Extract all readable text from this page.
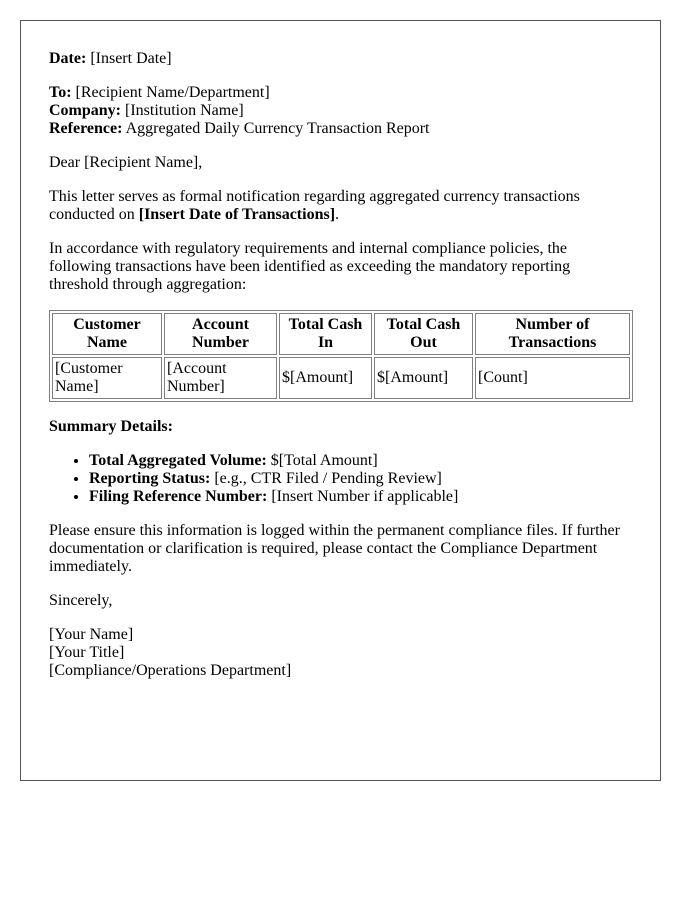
Date: [Insert Date]

To: [Recipient Name/Department]

Company: [Institution Name]

Reference: Aggregated Daily Currency Transaction Report

Dear [Recipient Name],

This letter serves as formal notification regarding aggregated currency transactions conducted on [Insert Date of Transactions].

In accordance with regulatory requirements and internal compliance policies, the following transactions have been identified as exceeding the mandatory reporting threshold through aggregation:

Customer Name	Account Number	Total Cash In	Total Cash Out	Number of Transactions
[Customer Name]	[Account Number]	$[Amount]	$[Amount]	[Count]

Summary Details:

• Total Aggregated Volume: $[Total Amount]
• Reporting Status: [e.g., CTR Filed / Pending Review]
• Filing Reference Number: [Insert Number if applicable]

Please ensure this information is logged within the permanent compliance files. If further documentation or clarification is required, please contact the Compliance Department immediately.

Sincerely,

[Your Name]

[Your Title]

[Compliance/Operations Department]
